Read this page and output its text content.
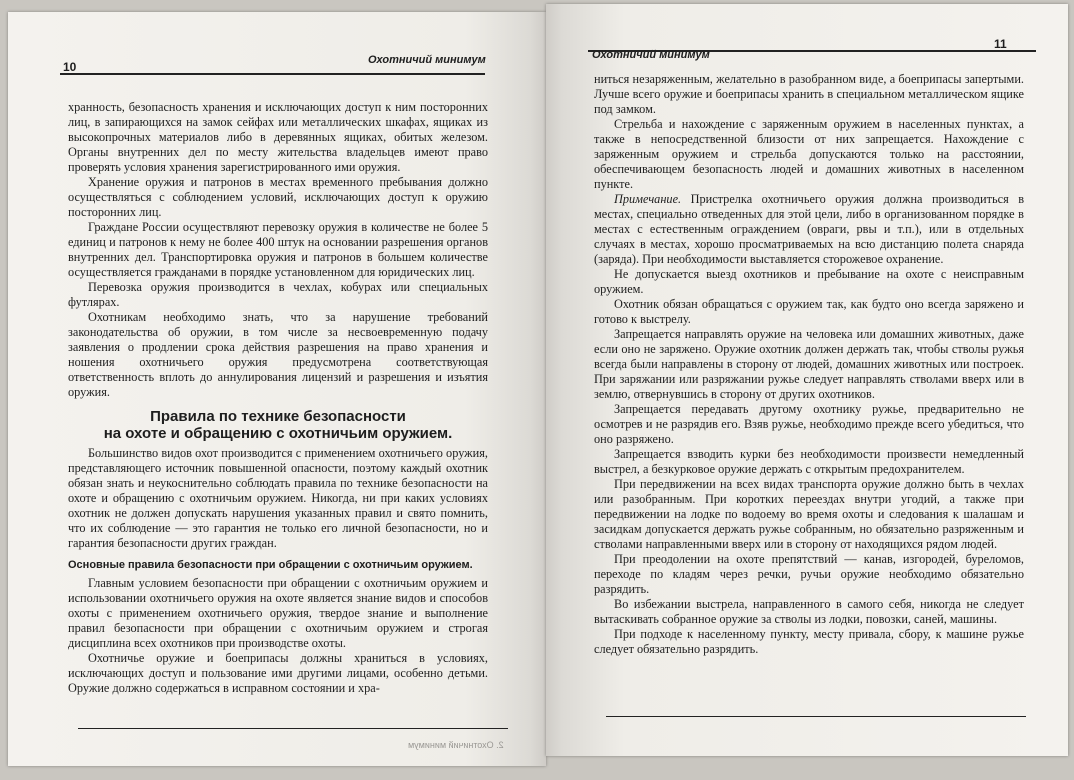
10	Охотничий минимум

хранность, безопасность хранения и исключающих доступ к ним посторонних лиц, в запирающихся на замок сейфах или металлических шкафах, ящиках из высокопрочных материалов либо в деревянных ящиках, обитых железом. Органы внутренних дел по месту жительства владельцев имеют право проверять условия хранения зарегистрированного ими оружия.

Хранение оружия и патронов в местах временного пребывания должно осуществляться с соблюдением условий, исключающих доступ к оружию посторонних лиц.

Граждане России осуществляют перевозку оружия в количестве не более 5 единиц и патронов к нему не более 400 штук на основании разрешения органов внутренних дел. Транспортировка оружия и патронов в большем количестве осуществляется гражданами в порядке установленном для юридических лиц.

Перевозка оружия производится в чехлах, кобурах или специальных футлярах.

Охотникам необходимо знать, что за нарушение требований законодательства об оружии, в том числе за несвоевременную подачу заявления о продлении срока действия разрешения на право хранения и ношения охотничьего оружия предусмотрена соответствующая ответственность вплоть до аннулирования лицензий и разрешения и изъятия оружия.

Правила по технике безопасности
на охоте и обращению с охотничьим оружием.

Большинство видов охот производится с применением охотничьего оружия, представляющего источник повышенной опасности, поэтому каждый охотник обязан знать и неукоснительно соблюдать правила по технике безопасности на охоте и обращению с охотничьим оружием. Никогда, ни при каких условиях охотник не должен допускать нарушения указанных правил и свято помнить, что их соблюдение — это гарантия не только его личной безопасности, но и гарантия безопасности других граждан.

Основные правила безопасности при обращении с охотничьим оружием.

Главным условием безопасности при обращении с охотничьим оружием и использовании охотничьего оружия на охоте является знание видов и способов охоты с применением охотничьего оружия, твердое знание и выполнение правил безопасности при обращении с охотничьим оружием и строгая дисциплина всех охотников при производстве охоты.

Охотничье оружие и боеприпасы должны храниться в условиях, исключающих доступ и пользование ими другими лицами, особенно детьми. Оружие должно содержаться в исправном состоянии и хра-

2. Охотничий минимум
Охотничий минимум
11

ниться незаряженным, желательно в разобранном виде, а боеприпасы запертыми. Лучше всего оружие и боеприпасы хранить в специальном металлическом ящике под замком.

Стрельба и нахождение с заряженным оружием в населенных пунктах, а также в непосредственной близости от них запрещается. Нахождение с заряженным оружием и стрельба допускаются только на расстоянии, обеспечивающем безопасность людей и домашних животных в населенном пункте.

Примечание. Пристрелка охотничьего оружия должна производиться в местах, специально отведенных для этой цели, либо в организованном порядке в местах с естественным ограждением (овраги, рвы и т.п.), или в отдельных случаях в местах, хорошо просматриваемых на всю дистанцию полета снаряда (заряда). При необходимости выставляется сторожевое охранение.

Не допускается выезд охотников и пребывание на охоте с неисправным оружием.

Охотник обязан обращаться с оружием так, как будто оно всегда заряжено и готово к выстрелу.

Запрещается направлять оружие на человека или домашних животных, даже если оно не заряжено. Оружие охотник должен держать так, чтобы стволы ружья всегда были направлены в сторону от людей, домашних животных или построек. При заряжании или разряжании ружье следует направлять стволами вверх или в землю, отвернувшись в сторону от других охотников.

Запрещается передавать другому охотнику ружье, предварительно не осмотрев и не разрядив его. Взяв ружье, необходимо прежде всего убедиться, что оно разряжено.

Запрещается взводить курки без необходимости произвести немедленный выстрел, а безкурковое оружие держать с открытым предохранителем.

При передвижении на всех видах транспорта оружие должно быть в чехлах или разобранным. При коротких переездах внутри угодий, а также при передвижении на лодке по водоему во время охоты и следования к шалашам и засидкам допускается держать ружье собранным, но обязательно разряженным и стволами направленными вверх или в сторону от находящихся рядом людей.

При преодолении на охоте препятствий — канав, изгородей, буреломов, переходе по кладям через речки, ручьи оружие необходимо обязательно разрядить.

Во избежании выстрела, направленного в самого себя, никогда не следует вытаскивать собранное оружие за стволы из лодки, повозки, саней, машины.

При подходе к населенному пункту, месту привала, сбору, к машине ружье следует обязательно разрядить.
